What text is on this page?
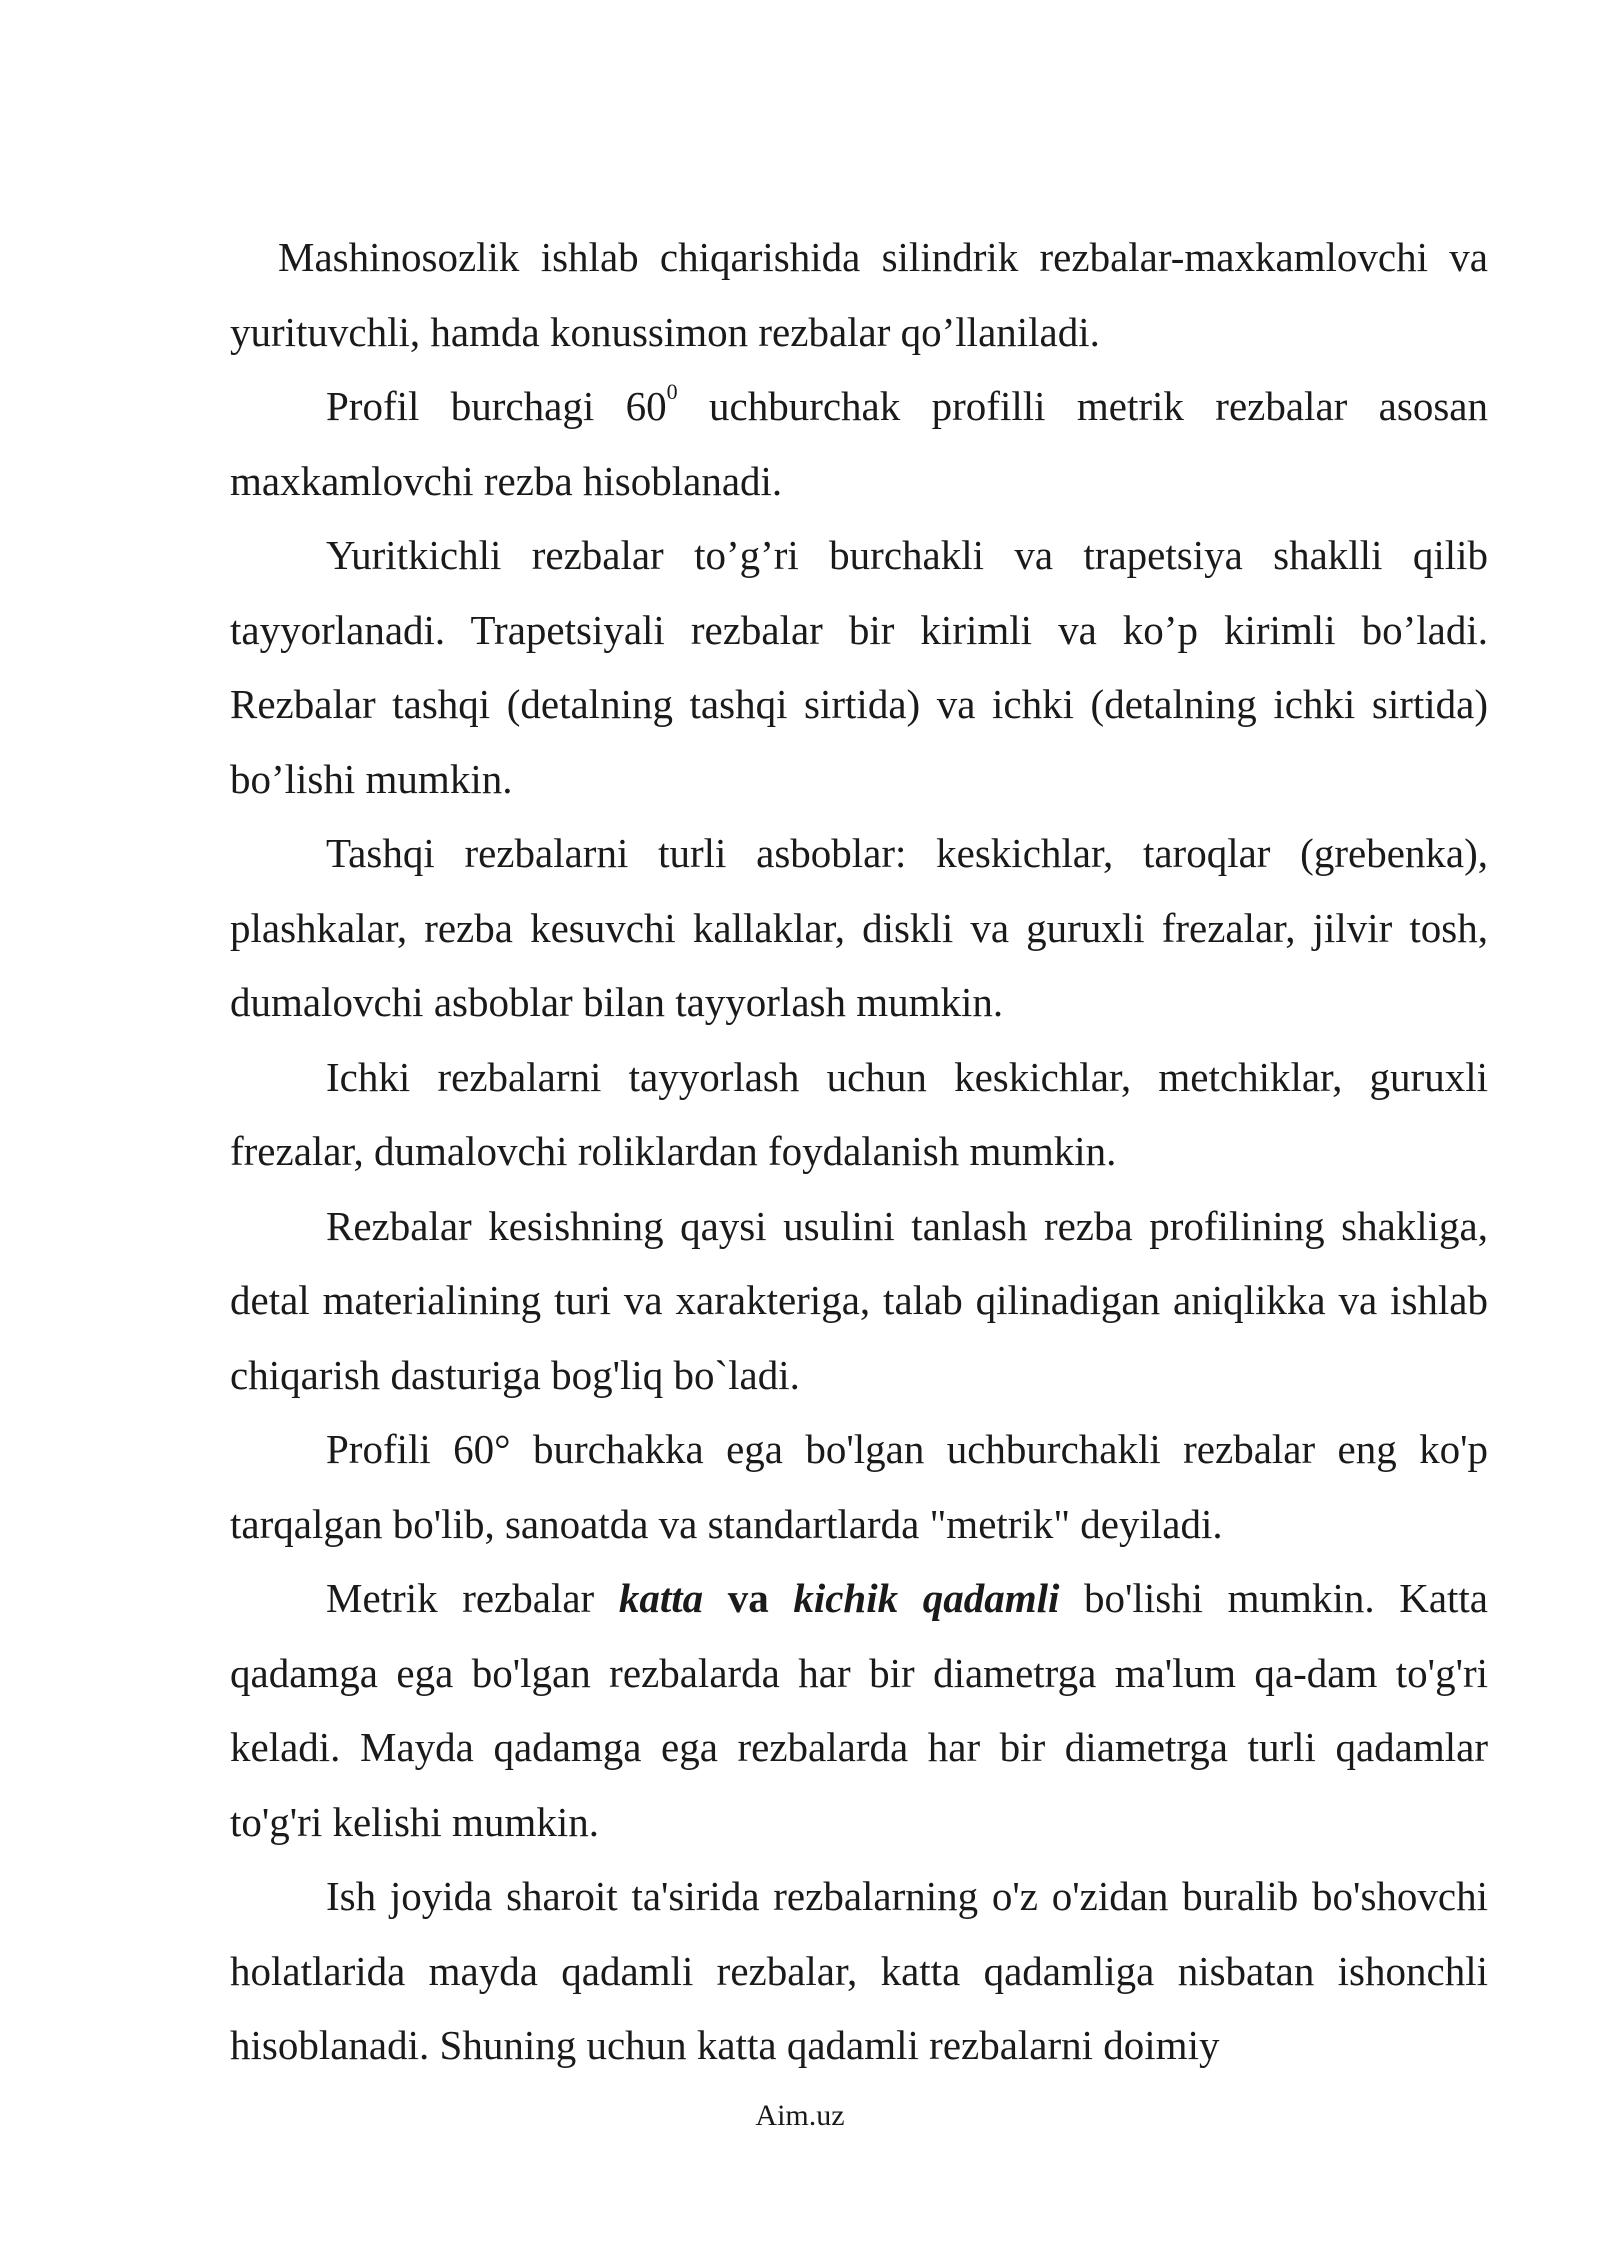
Mashinosozlik ishlab chiqarishida silindrik rezbalar-maxkamlovchi va yurituvchli, hamda konussimon rezbalar qo’llaniladi.

Profil burchagi $60^0$ uchburchak profilli metrik rezbalar asosan maxkamlovchi rezba hisoblanadi.

Yuritkichli rezbalar to’g’ri burchakli va trapetsiya shaklli qilib tayyorlanadi. Trapetsiyali rezbalar bir kirimli va ko’p kirimli bo’ladi. Rezbalar tashqi (detalning tashqi sirtida) va ichki (detalning ichki sirtida) bo’lishi mumkin.

Tashqi rezbalarni turli asboblar: keskichlar, taroqlar (grebenka), plashkalar, rezba kesuvchi kallaklar, diskli va guruxli frezalar, jilvir tosh, dumalovchi asboblar bilan tayyorlash mumkin.

Ichki rezbalarni tayyorlash uchun keskichlar, metchiklar, guruxli frezalar, dumalovchi roliklardan foydalanish mumkin.

Rezbalar kesishning qaysi usulini tanlash rezba profilining shakliga, detal materialining turi va xarakteriga, talab qilinadigan aniqlikka va ishlab chiqarish dasturiga bog'liq bo`ladi.

Profili 60° burchakka ega bo'lgan uchburchakli rezbalar eng ko'p tarqalgan bo'lib, sanoatda va standartlarda "metrik" deyiladi.

Metrik rezbalar katta va kichik qadamli bo'lishi mumkin. Katta qadamga ega bo'lgan rezbalarda har bir diametrga ma'lum qa-dam to'g'ri keladi. Mayda qadamga ega rezbalarda har bir diametrga turli qadamlar to'g'ri kelishi mumkin.

Ish joyida sharoit ta'sirida rezbalarning o'z o'zidan buralib bo'shovchi holatlarida mayda qadamli rezbalar, katta qadamliga nisbatan ishonchli hisoblanadi. Shuning uchun katta qadamli rezbalarni doimiy

Aim.uz
